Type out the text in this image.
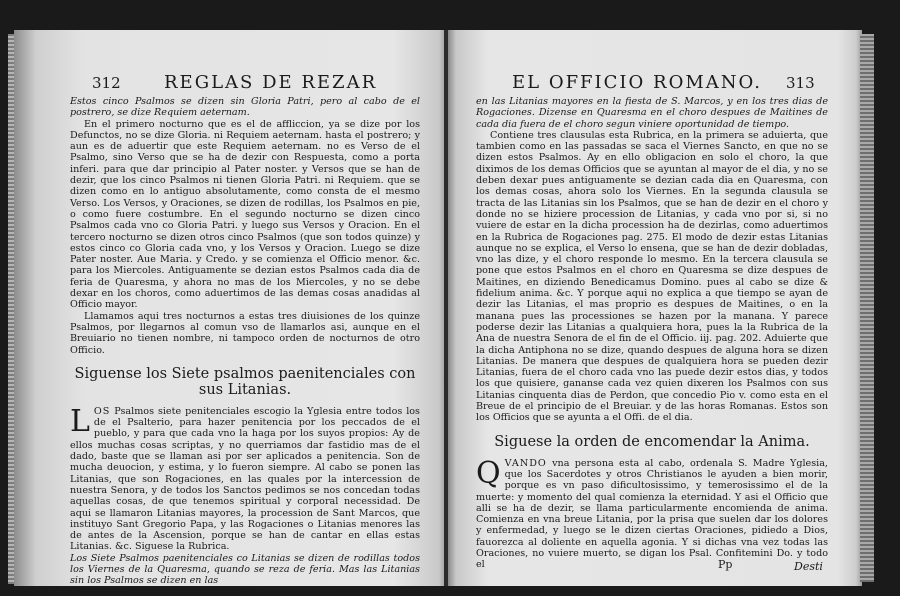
312 REGLAS DE REZAR

Estos cinco Psalmos se dizen sin Gloria Patri, pero al cabo de el postrero, se dize Requiem aeternam.

En el primero nocturno que es el de affliccion, ya se dize por los Defunctos, no se dize Gloria. ni Requiem aeternam. hasta el postrero; y aun es de aduertir que este Requiem aeternam. no es Verso de el Psalmo, sino Verso que se ha de dezir con Respuesta, como a porta inferi. para que dar principio al Pater noster. y Versos que se han de dezir, que los cinco Psalmos ni tienen Gloria Patri. ni Requiem. que se dizen como en lo antiguo absolutamente, como consta de el mesmo Verso. Los Versos, y Oraciones, se dizen de rodillas, los Psalmos en pie, o como fuere costumbre. En el segundo nocturno se dizen cinco Psalmos cada vno co Gloria Patri. y luego sus Versos y Oracion. En el tercero nocturno se dizen otros cinco Psalmos (que son todos quinze) y estos cinco co Gloria cada vno, y los Versos y Oracion. Luego se dize Pater noster. Aue Maria. y Credo. y se comienza el Officio menor. &c. para los Miercoles. Antiguamente se dezian estos Psalmos cada dia de feria de Quaresma, y ahora no mas de los Miercoles, y no se debe dexar en los choros, como aduertimos de las demas cosas anadidas al Officio mayor.

Llamamos aqui tres nocturnos a estas tres diuisiones de los quinze Psalmos, por llegarnos al comun vso de llamarlos asi, aunque en el Breuiario no tienen nombre, ni tampoco orden de nocturnos de otro Officio.

Siguense los Siete psalmos paenitenciales con sus Litanias.

LOS Psalmos siete penitenciales escogio la Yglesia entre todos los de el Psalterio, para hazer penitencia por los peccados de el pueblo, y para que cada vno la haga por los suyos propios: Ay de ellos muchas cosas scriptas, y no querriamos dar fastidio mas de el dado, baste que se llaman asi por ser aplicados a penitencia. Son de mucha deuocion, y estima, y lo fueron siempre. Al cabo se ponen las Litanias, que son Rogaciones, en las quales por la intercession de nuestra Senora, y de todos los Sanctos pedimos se nos concedan todas aquellas cosas, de que tenemos spiritual y corporal necessidad. De aqui se llamaron Litanias mayores, la procession de Sant Marcos, que instituyo Sant Gregorio Papa, y las Rogaciones o Litanias menores las de antes de la Ascension, porque se han de cantar en ellas estas Litanias. &c. Siguese la Rubrica.

Los Siete Psalmos paenitenciales co Litanias se dizen de rodillas todos los Viernes de la Quaresma, quando se reza de feria. Mas las Litanias sin los Psalmos se dizen en las

EL OFFICIO ROMANO. 313

en las Litanias mayores en la fiesta de S. Marcos, y en los tres dias de Rogaciones. Dizense en Quaresma en el choro despues de Maitines de cada dia fuera de el choro segun viniere oportunidad de tiempo.

Contiene tres clausulas esta Rubrica, en la primera se aduierta, que tambien como en las passadas se saca el Viernes Sancto, en que no se dizen estos Psalmos. Ay en ello obligacion en solo el choro, la que diximos de los demas Officios que se ayuntan al mayor de el dia, y no se deben dexar pues antiguamente se dezian cada dia en Quaresma, con los demas cosas, ahora solo los Viernes. En la segunda clausula se tracta de las Litanias sin los Psalmos, que se han de dezir en el choro y donde no se hiziere procession de Litanias, y cada vno por si, si no vuiere de estar en la dicha procession ha de dezirlas, como aduertimos en la Rubrica de Rogaciones pag. 275. El modo de dezir estas Litanias aunque no se explica, el Verso lo ensena, que se han de dezir dobladas, vno las dize, y el choro responde lo mesmo. En la tercera clausula se pone que estos Psalmos en el choro en Quaresma se dize despues de Maitines, en diziendo Benedicamus Domino. pues al cabo se dize & fidelium anima. &c. Y porque aqui no explica a que tiempo se ayan de dezir las Litanias, el mas proprio es despues de Maitines, o en la manana pues las processiones se hazen por la manana. Y parece poderse dezir las Litanias a qualquiera hora, pues la la Rubrica de la Ana de nuestra Senora de el fin de el Officio. iij. pag. 202. Aduierte que la dicha Antiphona no se dize, quando despues de alguna hora se dizen Litanias. De manera que despues de qualquiera hora se pueden dezir Litanias, fuera de el choro cada vno las puede dezir estos dias, y todos los que quisiere, gananse cada vez quien dixeren los Psalmos con sus Litanias cinquenta dias de Perdon, que concedio Pio v. como esta en el Breue de el principio de el Breuiar. y de las horas Romanas. Estos son los Officios que se ayunta a el Offi. de el dia.

Siguese la orden de encomendar la Anima.

QVANDO vna persona esta al cabo, ordenala S. Madre Yglesia, que los Sacerdotes y otros Christianos le ayuden a bien morir, porque es vn paso dificultosissimo, y temerosissimo el de la muerte: y momento del qual comienza la eternidad. Y asi el Officio que alli se ha de dezir, se llama particularmente encomienda de anima. Comienza en vna breue Litania, por la prisa que suelen dar los dolores y enfermedad, y luego se le dizen ciertas Oraciones, pidiedo a Dios, fauorezca al doliente en aquella agonia. Y si dichas vna vez todas las Oraciones, no vuiere muerto, se digan los Psal. Confitemini Do. y todo el	Pp	Desti
